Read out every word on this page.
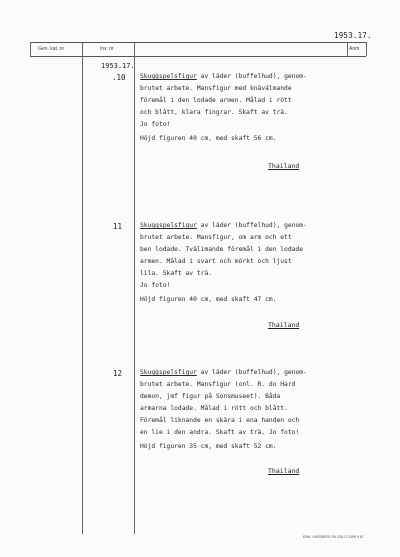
1953.17.
Gen. kat. nr	Inv. nr	Anm.
1953.17.
.10 Skuggspelsfigur av läder (buffelhud), genom-
brutet arbete. Mansfigur med knäválmande
föremål i den lodade armen. Målad i rött
och blått, klara fingrar. Skaft av trä.
Jo foto!
Höjd figuren 40 cm, med skaft 56 cm.
Thailand
11	Skuggspelsfigur av läder (buffelhud), genom-
brutet arbete. Mansfigur, om arm och ett
ben lodade. Tvälimande föremål i den lodade
armen. Målad i svart och mörkt och ljust
lila. Skaft av trä.
Jo foto!
Höjd figuren 40 cm, med skaft 47 cm.
Thailand
12	Skuggspelsfigur av läder (buffelhud), genom-
brutet arbete. Mansfigur (onl. R. do Hard
demon, jmf figur på Sonsmuseet). Båda
armarna lodade. Målad i rött och blått.
Föremål liknande en skära i ena handen och
en lie i den andra. Skaft av trä. Jo foto!
Höjd figuren 35 cm, med skaft 52 cm.
Thailand
EMIL VIKSBERG PA OSLO 3399 9 67
